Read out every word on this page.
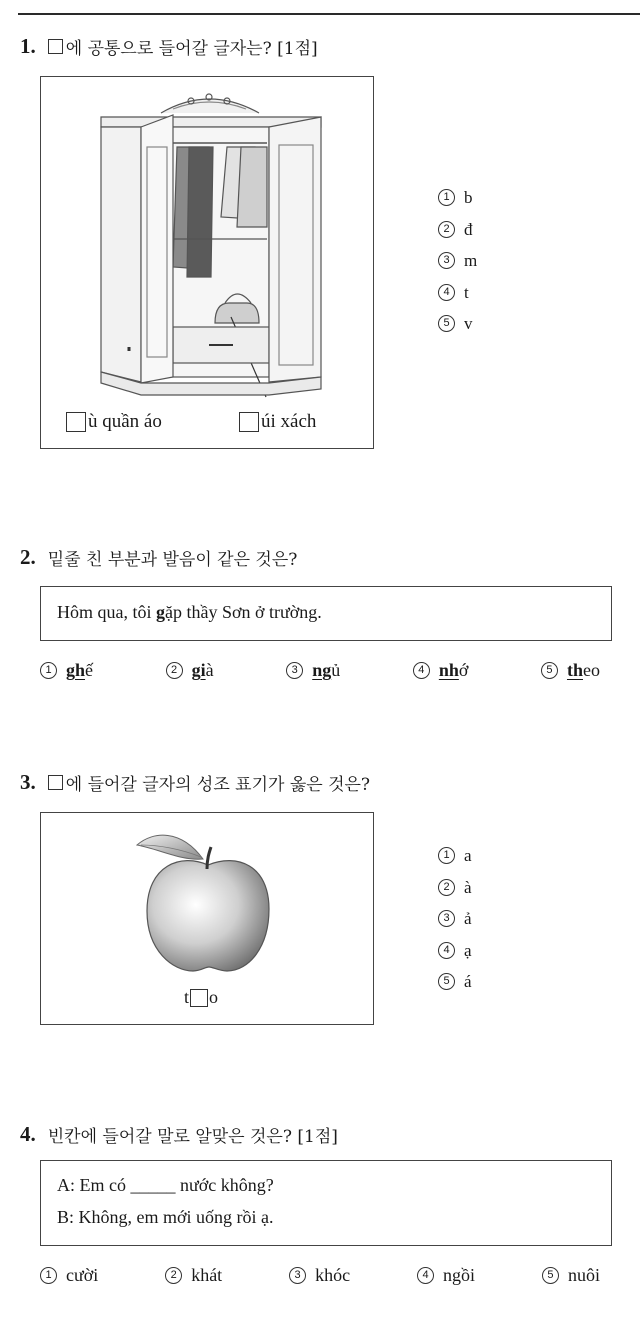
1. 에 공통으로 들어갈 글자는? [1점]
ù quần áo	úi xách
1 b
2 đ
3 m
4 t
5 v
2. 밑줄 친 부분과 발음이 같은 것은?
Hôm qua, tôi gặp thầy Sơn ở trường.
1 gh ế	2 gi à	3 ng ủ	4 nh ớ	5 th eo
3. 에 들어갈 글자의 성조 표기가 옳은 것은?
t o
1 a
2 à
3 ả
4 ạ
5 á
4. 빈칸에 들어갈 말로 알맞은 것은? [1점]
A: Em có _____ nước không?
B: Không, em mới uống rồi ạ.
1 cười	2 khát	3 khóc	4 ngồi	5 nuôi
